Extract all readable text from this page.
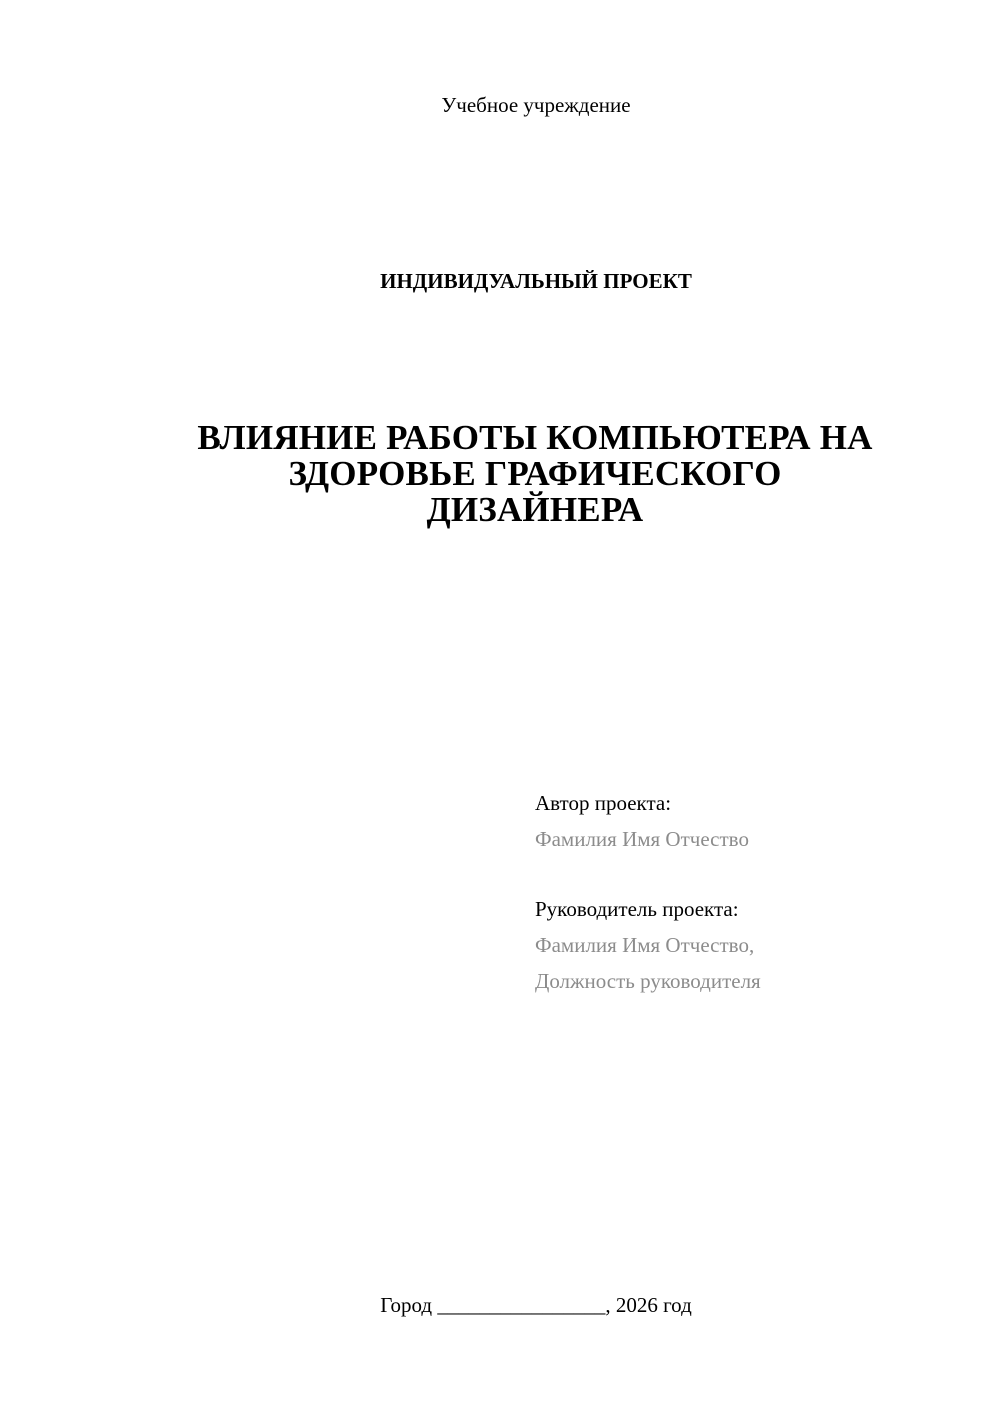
Учебное учреждение
ИНДИВИДУАЛЬНЫЙ ПРОЕКТ
ВЛИЯНИЕ РАБОТЫ КОМПЬЮТЕРА НА
ЗДОРОВЬЕ ГРАФИЧЕСКОГО
ДИЗАЙНЕРА
Автор проекта:
Фамилия Имя Отчество
Руководитель проекта:
Фамилия Имя Отчество,
Должность руководителя
Город ________________, 2026 год
